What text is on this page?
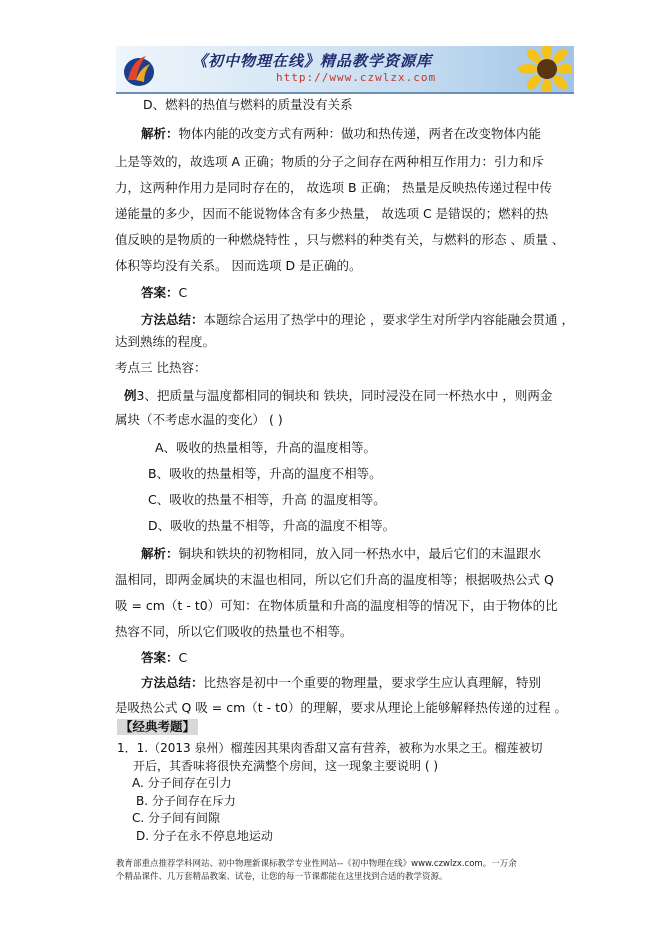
《初中物理在线》精品教学资源库
http://www.czwlzx.com
D、燃料的热值与燃料的质量没有关系
解析：物体内能的改变方式有两种：做功和热传递，两者在改变物体内能
上是等效的，故选项 A 正确；物质的分子之间存在两种相互作用力：引力和斥
力，这两种作用力是同时存在的， 故选项 B 正确； 热量是反映热传递过程中传
递能量的多少，因而不能说物体含有多少热量， 故选项 C 是错误的；燃料的热
值反映的是物质的一种燃烧特性 ，只与燃料的种类有关，与燃料的形态 、质量 、
体积等均没有关系。 因而选项 D 是正确的。
答案：C
方法总结：本题综合运用了热学中的理论 ，要求学生对所学内容能融会贯通 ，
达到熟练的程度。
考点三 比热容：
例3、把质量与温度都相同的铜块和 铁块，同时浸没在同一杯热水中 ，则两金
属块（不考虑水温的变化） ( )
A、吸收的热量相等，升高的温度相等。
B、吸收的热量相等，升高的温度不相等。
C、吸收的热量不相等，升高 的温度相等。
D、吸收的热量不相等，升高的温度不相等。
解析：铜块和铁块的初物相同，放入同一杯热水中，最后它们的末温跟水
温相同，即两金属块的末温也相同，所以它们升高的温度相等；根据吸热公式 Q
吸 = cm（t - t0）可知：在物体质量和升高的温度相等的情况下，由于物体的比
热容不同，所以它们吸收的热量也不相等。
答案：C
方法总结：比热容是初中一个重要的物理量，要求学生应认真理解，特别
是吸热公式 Q 吸 = cm（t - t0）的理解，要求从理论上能够解释热传递的过程 。
【经典考题】
1．1.（2013 泉州）榴莲因其果肉香甜又富有营养，被称为水果之王。榴莲被切
开后，其香味将很快充满整个房间，这一现象主要说明 ( )
A. 分子间存在引力
B. 分子间存在斥力
C. 分子间有间隙
D. 分子在永不停息地运动
教育部重点推荐学科网站、初中物理新课标教学专业性网站--《初中物理在线》www.czwlzx.com。一万余
个精品课件、几万套精品教案、试卷，让您的每一节课都能在这里找到合适的教学资源。
